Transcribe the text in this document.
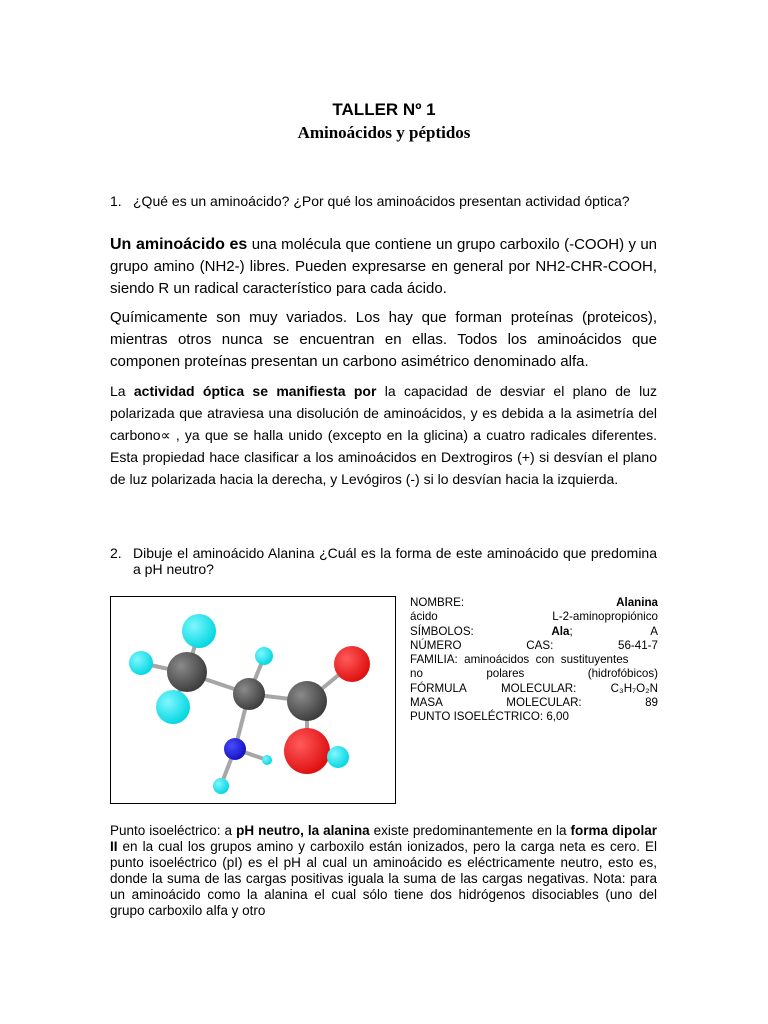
TALLER Nº 1
Aminoácidos y péptidos
1. ¿Qué es un aminoácido? ¿Por qué los aminoácidos presentan actividad óptica?
Un aminoácido es una molécula que contiene un grupo carboxilo (-COOH) y un grupo amino (NH2-) libres. Pueden expresarse en general por NH2-CHR-COOH, siendo R un radical característico para cada ácido.
Químicamente son muy variados. Los hay que forman proteínas (proteicos), mientras otros nunca se encuentran en ellas. Todos los aminoácidos que componen proteínas presentan un carbono asimétrico denominado alfa.
La actividad óptica se manifiesta por la capacidad de desviar el plano de luz polarizada que atraviesa una disolución de aminoácidos, y es debida a la asimetría del carbono∝ , ya que se halla unido (excepto en la glicina) a cuatro radicales diferentes. Esta propiedad hace clasificar a los aminoácidos en Dextrogiros (+) si desvían el plano de luz polarizada hacia la derecha, y Levógiros (-) si lo desvían hacia la izquierda.
2. Dibuje el aminoácido Alanina ¿Cuál es la forma de este aminoácido que predomina a pH neutro?
NOMBRE:	Alanina
ácido	L-2-aminopropiónico
SÍMBOLOS:	Ala;	A
NÚMERO	CAS:	56-41-7
FAMILIA:  aminoácidos  con  sustituyentes
no	polares	(hidrofóbicos)
FÓRMULA	MOLECULAR:	C₃H₇O₂N
MASA	MOLECULAR:	89
PUNTO ISOELÉCTRICO: 6,00
Punto isoeléctrico: a pH neutro, la alanina existe predominantemente en la forma dipolar II en la cual los grupos amino y carboxilo están ionizados, pero la carga neta es cero. El punto isoeléctrico (pI) es el pH al cual un aminoácido es eléctricamente neutro, esto es, donde la suma de las cargas positivas iguala la suma de las cargas negativas. Nota: para un aminoácido como la alanina el cual sólo tiene dos hidrógenos disociables (uno del grupo carboxilo alfa y otro
